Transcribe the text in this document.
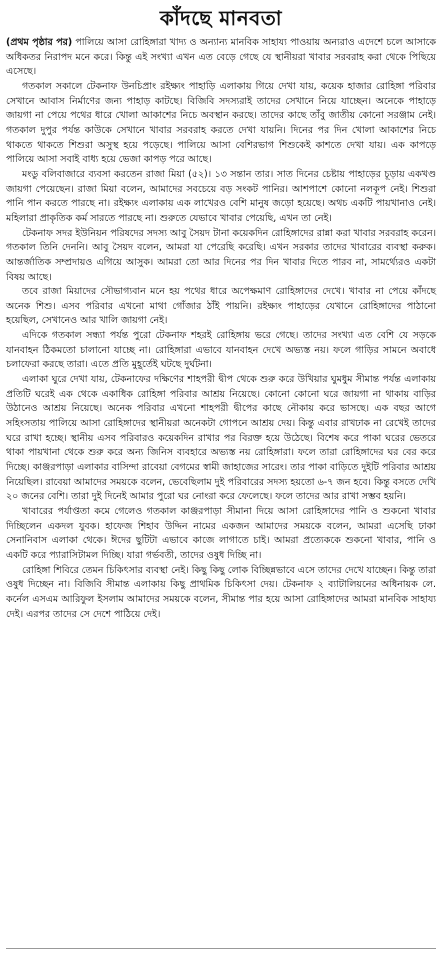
কাঁদছে মানবতা

(প্রথম পৃষ্ঠার পর) পালিয়ে আসা রোহিঙ্গারা খাদ্য ও অন্যান্য মানবিক সাহায্য পাওয়ায় অন্যরাও এদেশে চলে আসাকে অধিকতর নিরাপদ মনে করে। কিন্তু এই সংখ্যা এখন এত বেড়ে গেছে যে স্থানীয়রা খাবার সরবরাহ করা থেকে পিছিয়ে এসেছে।

গতকাল সকালে টেকনাফ উনচিপ্রাং রইক্ষ্যং পাহাড়ি এলাকায় গিয়ে দেখা যায়, কয়েক হাজার রোহিঙ্গা পরিবার সেখানে আবাস নির্মাণের জন্য পাহাড় কাটছে। বিজিবি সদস্যরাই তাদের সেখানে নিয়ে যাচ্ছেন। অনেকে পাহাড়ে জায়গা না পেয়ে পথের ধারে খোলা আকাশের নিচে অবস্থান করছে। তাদের কাছে তাঁবু জাতীয় কোনো সরঞ্জাম নেই। গতকাল দুপুর পর্যন্ত কাউকে সেখানে খাবার সরবরাহ করতে দেখা যায়নি। দিনের পর দিন খোলা আকাশের নিচে থাকতে থাকতে শিশুরা অসুস্থ হয়ে পড়েছে। পালিয়ে আসা বেশিরভাগ শিশুকেই কাশতে দেখা যায়। এক কাপড়ে পালিয়ে আসা সবাই বাধ্য হয়ে ভেজা কাপড় পরে আছে।

মংডু বলিবাজারে ব্যবসা করতেন রাজা মিয়া (৫২)। ১৩ সন্তান তার। সাত দিনের চেষ্টায় পাহাড়ের চূড়ায় একখণ্ড জায়গা পেয়েছেন। রাজা মিয়া বলেন, আমাদের সবচেয়ে বড় সংকট পানির। আশপাশে কোনো নলকূপ নেই। শিশুরা পানি পান করতে পারছে না। রইক্ষ্যং এলাকায় এক লাখেরও বেশি মানুষ জড়ো হয়েছে। অথচ একটি পায়খানাও নেই। মহিলারা প্রাকৃতিক কর্ম সারতে পারছে না। শুরুতে যেভাবে খাবার পেয়েছি, এখন তা নেই।

টেকনাফ সদর ইউনিয়ন পরিষদের সদস্য আবু সৈয়দ টানা কয়েকদিন রোহিঙ্গাদের রান্না করা খাবার সরবরাহ করেন। গতকাল তিনি দেননি। আবু সৈয়দ বলেন, আমরা যা পেরেছি করেছি। এখন সরকার তাদের খাবারের ব্যবস্থা করুক। আন্তর্জাতিক সম্প্রদায়ও এগিয়ে আসুক। আমরা তো আর দিনের পর দিন খাবার দিতে পারব না, সামর্থ্যেরও একটা বিষয় আছে।

তবে রাজা মিয়াদের সৌভাগ্যবান মনে হয় পথের ধারে অপেক্ষমাণ রোহিঙ্গাদের দেখে। খাবার না পেয়ে কাঁদছে অনেক শিশু। এসব পরিবার এখনো মাথা গোঁজার ঠাঁই পায়নি। রইক্ষ্যং পাহাড়ের যেখানে রোহিঙ্গাদের পাঠানো হয়েছিল, সেখানেও আর খালি জায়গা নেই।

এদিকে গতকাল সন্ধ্যা পর্যন্ত পুরো টেকনাফ শহরই রোহিঙ্গায় ভরে গেছে। তাদের সংখ্যা এত বেশি যে সড়কে যানবাহন ঠিকমতো চালানো যাচ্ছে না। রোহিঙ্গারা এভাবে যানবাহন দেখে অভ্যস্ত নয়। ফলে গাড়ির সামনে অবাধে চলাফেরা করছে তারা। এতে প্রতি মুহূর্তেই ঘটছে দুর্ঘটনা।

এলাকা ঘুরে দেখা যায়, টেকনাফের দক্ষিণের শাহপরী দ্বীপ থেকে শুরু করে উখিয়ার ঘুমধুম সীমান্ত পর্যন্ত এলাকায় প্রতিটি ঘরেই এক থেকে একাধিক রোহিঙ্গা পরিবার আশ্রয় নিয়েছে। কোনো কোনো ঘরে জায়গা না থাকায় বাড়ির উঠানেও আশ্রয় নিয়েছে। অনেক পরিবার এখনো শাহপরী দ্বীপের কাছে নৌকায় করে ভাসছে। এক বছর আগে সহিংসতায় পালিয়ে আসা রোহিঙ্গাদের স্থানীয়রা অনেকটা গোপনে আশ্রয় দেয়। কিন্তু এবার রাখঢাক না রেখেই তাদের ঘরে রাখা হচ্ছে। স্থানীয় এসব পরিবারও কয়েকদিন রাখার পর বিরক্ত হয়ে উঠেছে। বিশেষ করে পাকা ঘরের ভেতরে থাকা পায়খানা থেকে শুরু করে অন্য জিনিস ব্যবহারে অভ্যস্ত নয় রোহিঙ্গারা। ফলে তারা রোহিঙ্গাদের ঘর বের করে দিচ্ছে। কাঞ্জরপাড়া এলাকার বাসিন্দা রাবেয়া বেগমের স্বামী জাহাজের সারেং। তার পাকা বাড়িতে দুইটি পরিবার আশ্রয় নিয়েছিল। রাবেয়া আমাদের সময়কে বলেন, ভেবেছিলাম দুই পরিবারের সদস্য হয়তো ৬-৭ জন হবে। কিন্তু বসতে দেখি ২০ জনের বেশি। তারা দুই দিনেই আমার পুরো ঘর নোংরা করে ফেলেছে। ফলে তাদের আর রাখা সম্ভব হয়নি।

খাবারের পর্যাপ্ততা কমে গেলেও গতকাল কাঞ্জরপাড়া সীমানা দিয়ে আসা রোহিঙ্গাদের পানি ও শুকনো খাবার দিচ্ছিলেন একদল যুবক। হাফেজ শিহাব উদ্দিন নামের একজন আমাদের সময়কে বলেন, আমরা এসেছি ঢাকা সেনানিবাস এলাকা থেকে। ঈদের ছুটিটা এভাবে কাজে লাগাতে চাই। আমরা প্রত্যেককে শুকনো খাবার, পানি ও একটি করে প্যারাসিটামল দিচ্ছি। যারা গর্ভবতী, তাদের ওষুধ দিচ্ছি না।

রোহিঙ্গা শিবিরে তেমন চিকিৎসার ব্যবস্থা নেই। কিছু কিছু লোক বিচ্ছিন্নভাবে এসে তাদের দেখে যাচ্ছেন। কিন্তু তারা ওষুধ দিচ্ছেন না। বিজিবি সীমান্ত এলাকায় কিছু প্রাথমিক চিকিৎসা দেয়। টেকনাফ ২ ব্যাটালিয়নের অধিনায়ক লে. কর্নেল এসএম আরিফুল ইসলাম আমাদের সময়কে বলেন, সীমান্ত পার হয়ে আসা রোহিঙ্গাদের আমরা মানবিক সাহায্য দেই। এরপর তাদের সে দেশে পাঠিয়ে দেই।
